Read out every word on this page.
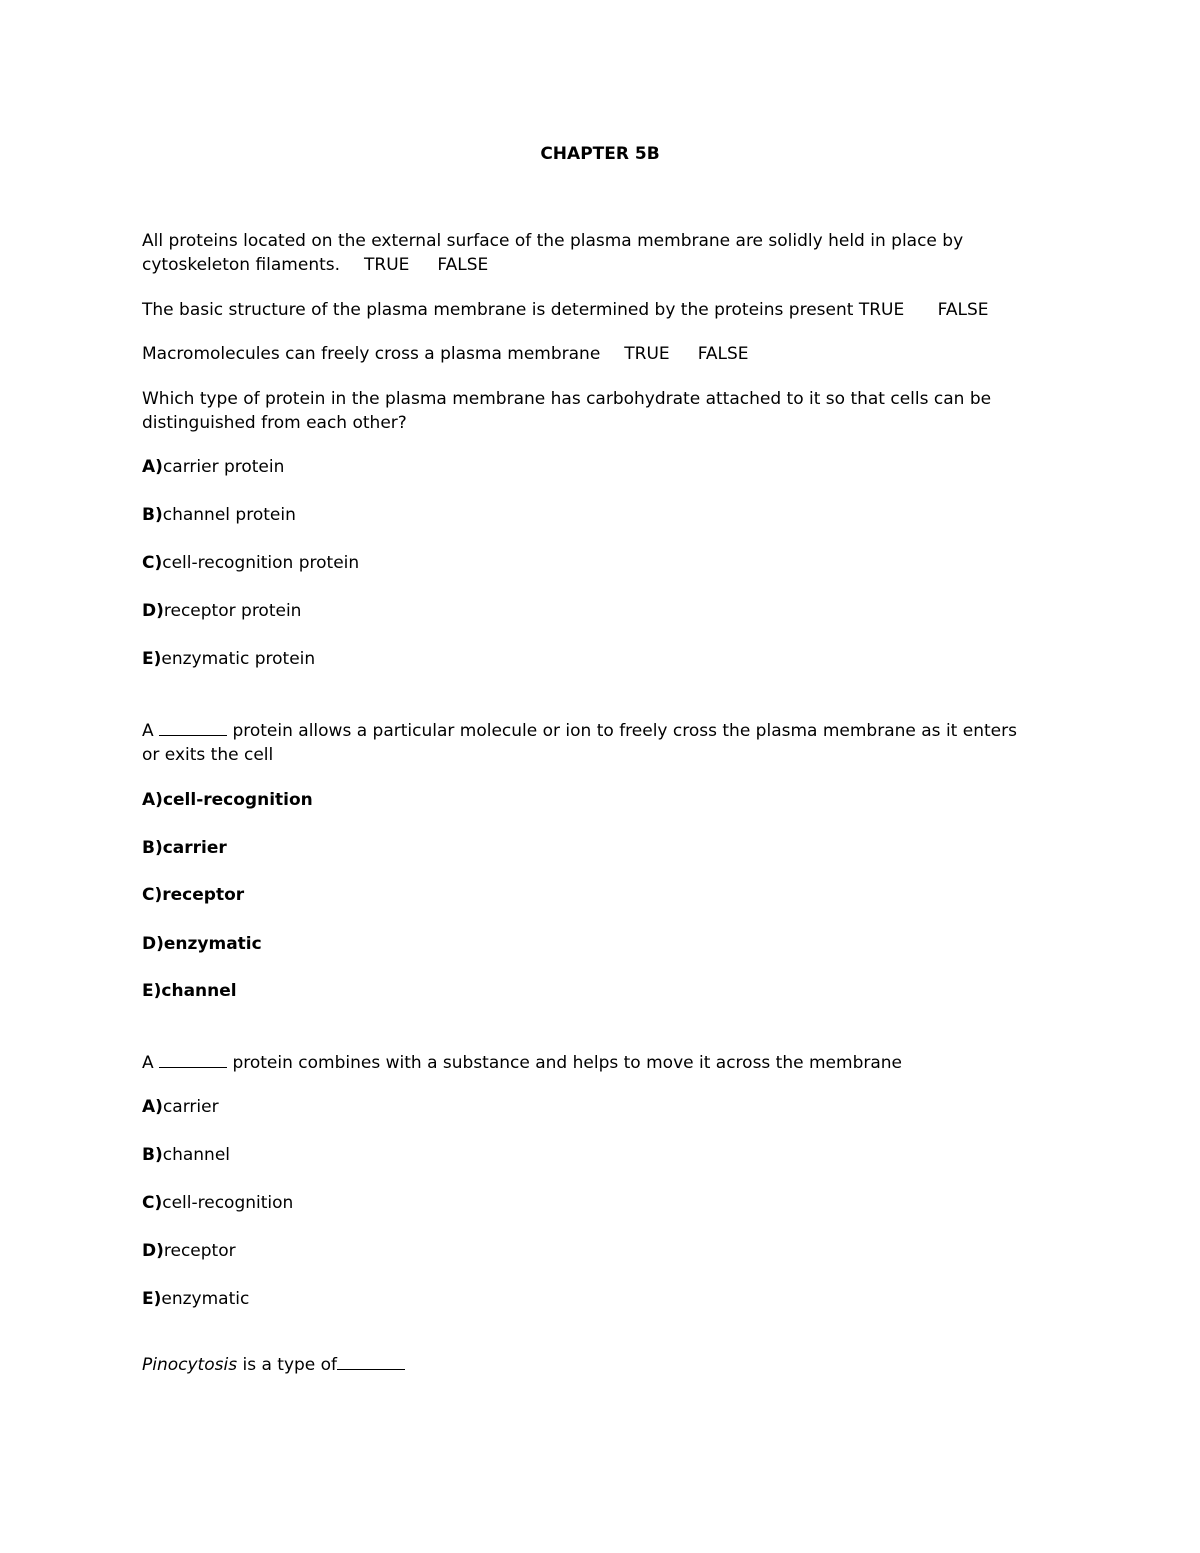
CHAPTER 5B
All proteins located on the external surface of the plasma membrane are solidly held in place by
cytoskeleton filaments. TRUE FALSE
The basic structure of the plasma membrane is determined by the proteins present TRUE FALSE
Macromolecules can freely cross a plasma membrane TRUE FALSE
Which type of protein in the plasma membrane has carbohydrate attached to it so that cells can be
distinguished from each other?
A)carrier protein
B)channel protein
C)cell-recognition protein
D)receptor protein
E)enzymatic protein
A	protein allows a particular molecule or ion to freely cross the plasma membrane as it enters
or exits the cell
A)cell-recognition
B)carrier
C)receptor
D)enzymatic
E)channel
A	protein combines with a substance and helps to move it across the membrane
A)carrier
B)channel
C)cell-recognition
D)receptor
E)enzymatic
Pinocytosis is a type of
